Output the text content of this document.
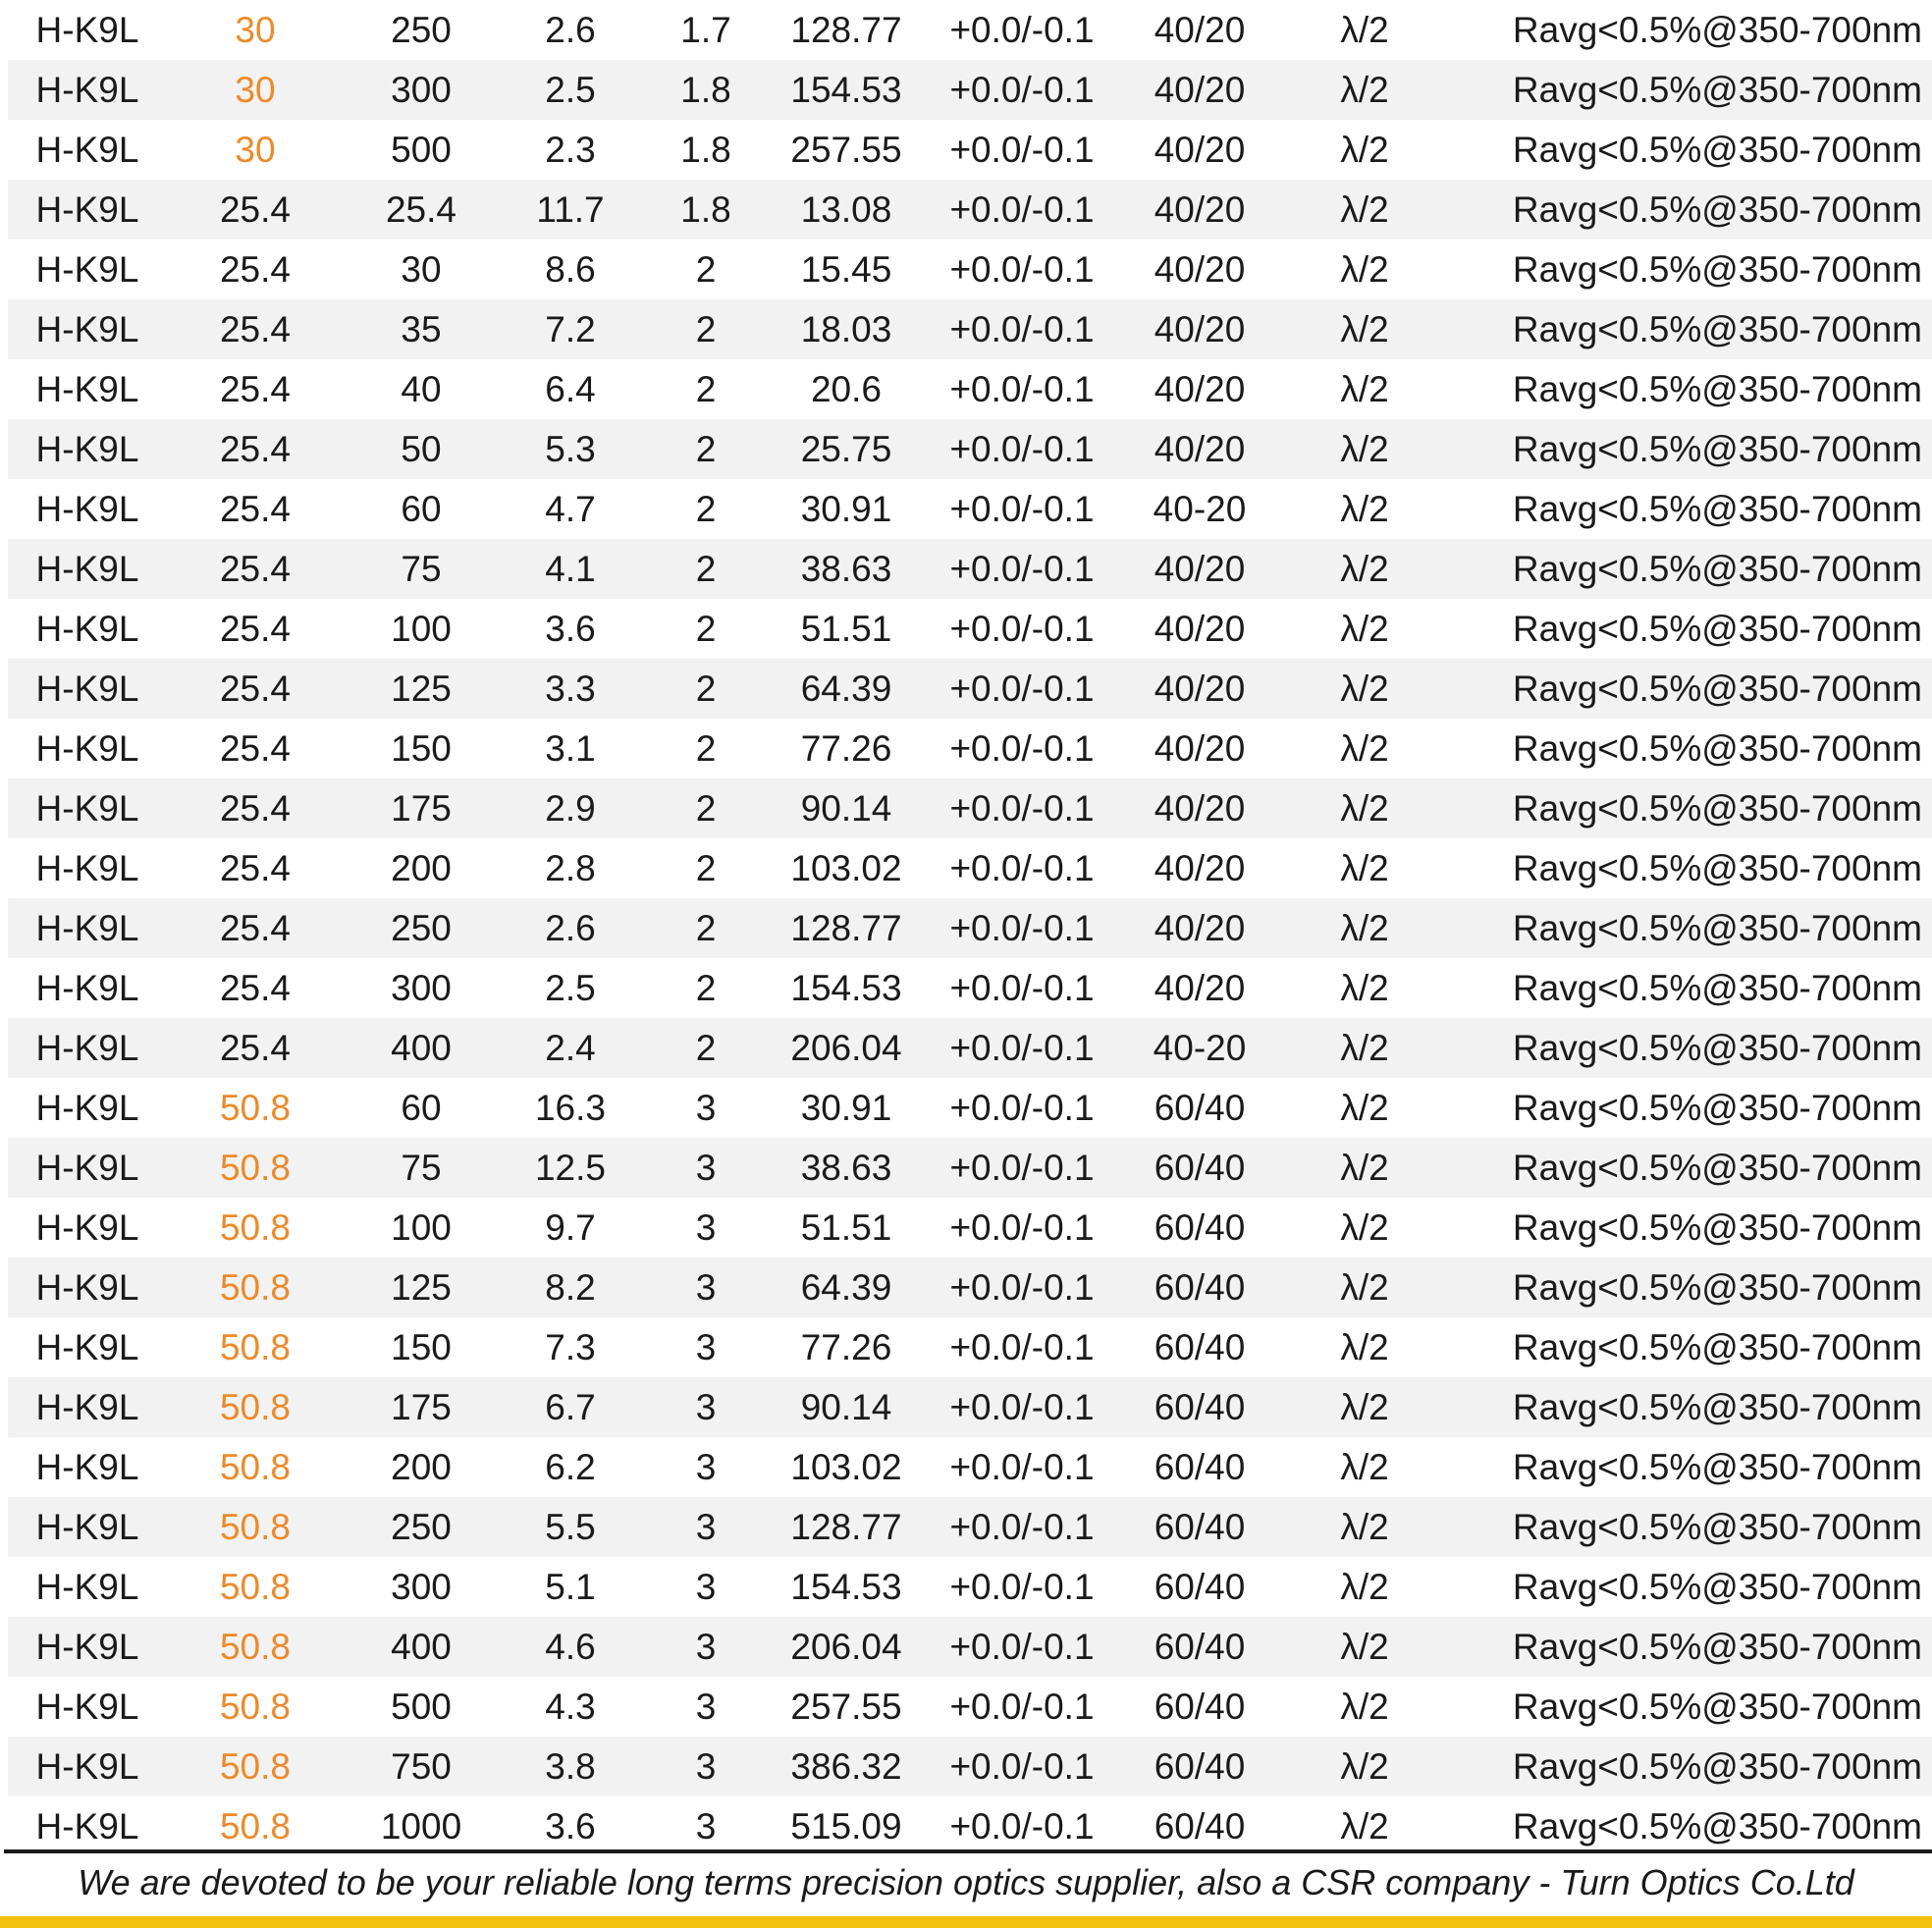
H-K9L	30	250	2.6	1.7	128.77	+0.0/-0.1	40/20	λ/2	Ravg<0.5%@350-700nm
H-K9L	30	300	2.5	1.8	154.53	+0.0/-0.1	40/20	λ/2	Ravg<0.5%@350-700nm
H-K9L	30	500	2.3	1.8	257.55	+0.0/-0.1	40/20	λ/2	Ravg<0.5%@350-700nm
H-K9L	25.4	25.4	11.7	1.8	13.08	+0.0/-0.1	40/20	λ/2	Ravg<0.5%@350-700nm
H-K9L	25.4	30	8.6	2	15.45	+0.0/-0.1	40/20	λ/2	Ravg<0.5%@350-700nm
H-K9L	25.4	35	7.2	2	18.03	+0.0/-0.1	40/20	λ/2	Ravg<0.5%@350-700nm
H-K9L	25.4	40	6.4	2	20.6	+0.0/-0.1	40/20	λ/2	Ravg<0.5%@350-700nm
H-K9L	25.4	50	5.3	2	25.75	+0.0/-0.1	40/20	λ/2	Ravg<0.5%@350-700nm
H-K9L	25.4	60	4.7	2	30.91	+0.0/-0.1	40-20	λ/2	Ravg<0.5%@350-700nm
H-K9L	25.4	75	4.1	2	38.63	+0.0/-0.1	40/20	λ/2	Ravg<0.5%@350-700nm
H-K9L	25.4	100	3.6	2	51.51	+0.0/-0.1	40/20	λ/2	Ravg<0.5%@350-700nm
H-K9L	25.4	125	3.3	2	64.39	+0.0/-0.1	40/20	λ/2	Ravg<0.5%@350-700nm
H-K9L	25.4	150	3.1	2	77.26	+0.0/-0.1	40/20	λ/2	Ravg<0.5%@350-700nm
H-K9L	25.4	175	2.9	2	90.14	+0.0/-0.1	40/20	λ/2	Ravg<0.5%@350-700nm
H-K9L	25.4	200	2.8	2	103.02	+0.0/-0.1	40/20	λ/2	Ravg<0.5%@350-700nm
H-K9L	25.4	250	2.6	2	128.77	+0.0/-0.1	40/20	λ/2	Ravg<0.5%@350-700nm
H-K9L	25.4	300	2.5	2	154.53	+0.0/-0.1	40/20	λ/2	Ravg<0.5%@350-700nm
H-K9L	25.4	400	2.4	2	206.04	+0.0/-0.1	40-20	λ/2	Ravg<0.5%@350-700nm
H-K9L	50.8	60	16.3	3	30.91	+0.0/-0.1	60/40	λ/2	Ravg<0.5%@350-700nm
H-K9L	50.8	75	12.5	3	38.63	+0.0/-0.1	60/40	λ/2	Ravg<0.5%@350-700nm
H-K9L	50.8	100	9.7	3	51.51	+0.0/-0.1	60/40	λ/2	Ravg<0.5%@350-700nm
H-K9L	50.8	125	8.2	3	64.39	+0.0/-0.1	60/40	λ/2	Ravg<0.5%@350-700nm
H-K9L	50.8	150	7.3	3	77.26	+0.0/-0.1	60/40	λ/2	Ravg<0.5%@350-700nm
H-K9L	50.8	175	6.7	3	90.14	+0.0/-0.1	60/40	λ/2	Ravg<0.5%@350-700nm
H-K9L	50.8	200	6.2	3	103.02	+0.0/-0.1	60/40	λ/2	Ravg<0.5%@350-700nm
H-K9L	50.8	250	5.5	3	128.77	+0.0/-0.1	60/40	λ/2	Ravg<0.5%@350-700nm
H-K9L	50.8	300	5.1	3	154.53	+0.0/-0.1	60/40	λ/2	Ravg<0.5%@350-700nm
H-K9L	50.8	400	4.6	3	206.04	+0.0/-0.1	60/40	λ/2	Ravg<0.5%@350-700nm
H-K9L	50.8	500	4.3	3	257.55	+0.0/-0.1	60/40	λ/2	Ravg<0.5%@350-700nm
H-K9L	50.8	750	3.8	3	386.32	+0.0/-0.1	60/40	λ/2	Ravg<0.5%@350-700nm
H-K9L	50.8	1000	3.6	3	515.09	+0.0/-0.1	60/40	λ/2	Ravg<0.5%@350-700nm
We are devoted to be your reliable long terms precision optics supplier, also a CSR company - Turn Optics Co.Ltd
